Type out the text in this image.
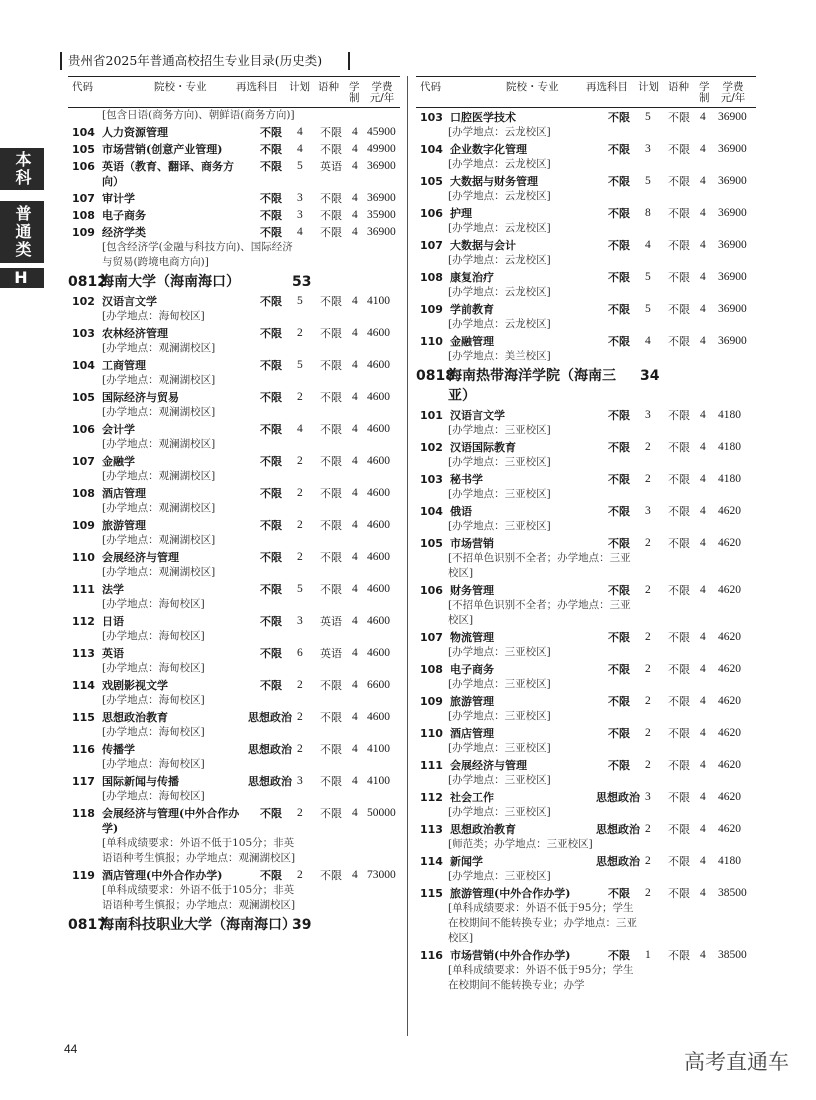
贵州省2025年普通高校招生专业目录(历史类)
本科
普通类
H
代码	院校・专业	再选科目 计划 语种 学制
学费元/年
[包含日语(商务方向)、朝鲜语(商务方向)]
104 人力资源管理	不限 4 不限 4 45900
105 市场营销(创意产业管理)	不限 4 不限 4 49900
106 英语（教育、翻译、商务方向）
不限 5 英语 4 36900
107 审计学	不限 3 不限 4 36900
108 电子商务	不限 3 不限 4 35900
109 经济学类	不限 4 不限 4 36900
[包含经济学(金融与科技方向)、国际经济与贸易(跨境电商方向)]
0812
海南大学（海南海口）	53
102 汉语言文学	不限 5 不限 4 4100
[办学地点：海甸校区]
103 农林经济管理	不限 2 不限 4 4600
[办学地点：观澜湖校区]
104 工商管理	不限 5 不限 4 4600
[办学地点：观澜湖校区]
105 国际经济与贸易	不限 2 不限 4 4600
[办学地点：观澜湖校区]
106 会计学	不限 4 不限 4 4600
[办学地点：观澜湖校区]
107 金融学	不限 2 不限 4 4600
[办学地点：观澜湖校区]
108 酒店管理	不限 2 不限 4 4600
[办学地点：观澜湖校区]
109 旅游管理	不限 2 不限 4 4600
[办学地点：观澜湖校区]
110 会展经济与管理	不限 2 不限 4 4600
[办学地点：观澜湖校区]
111 法学	不限 5 不限 4 4600
[办学地点：海甸校区]
112 日语	不限 3 英语 4 4600
[办学地点：海甸校区]
113 英语	不限 6 英语 4 4600
[办学地点：海甸校区]
114 戏剧影视文学	不限 2 不限 4 6600
[办学地点：海甸校区]
115 思想政治教育	思想政治 2 不限 4 4600
[办学地点：海甸校区]
116 传播学	思想政治 2 不限 4 4100
[办学地点：海甸校区]
117 国际新闻与传播	思想政治 3 不限 4 4100
[办学地点：海甸校区]
118 会展经济与管理(中外合作办学)
不限 2 不限 4 50000
[单科成绩要求：外语不低于105分；非英语语种考生慎报；办学地点：观澜湖校区]
119 酒店管理(中外合作办学)	不限 2 不限 4 73000
[单科成绩要求：外语不低于105分；非英语语种考生慎报；办学地点：观澜湖校区]
0817
海南科技职业大学（海南海口）
39
代码	院校・专业	再选科目 计划 语种 学制
学费元/年
103 口腔医学技术	不限 5 不限 4 36900
[办学地点：云龙校区]
104 企业数字化管理	不限 3 不限 4 36900
[办学地点：云龙校区]
105 大数据与财务管理	不限 5 不限 4 36900
[办学地点：云龙校区]
106 护理	不限 8 不限 4 36900
[办学地点：云龙校区]
107 大数据与会计	不限 4 不限 4 36900
[办学地点：云龙校区]
108 康复治疗	不限 5 不限 4 36900
[办学地点：云龙校区]
109 学前教育	不限 5 不限 4 36900
[办学地点：云龙校区]
110 金融管理	不限 4 不限 4 36900
[办学地点：美兰校区]
0818
海南热带海洋学院（海南三亚）
34
101 汉语言文学	不限 3 不限 4 4180
[办学地点：三亚校区]
102 汉语国际教育	不限 2 不限 4 4180
[办学地点：三亚校区]
103 秘书学	不限 2 不限 4 4180
[办学地点：三亚校区]
104 俄语	不限 3 不限 4 4620
[办学地点：三亚校区]
105 市场营销	不限 2 不限 4 4620
[不招单色识别不全者；办学地点：三亚校区]
106 财务管理	不限 2 不限 4 4620
[不招单色识别不全者；办学地点：三亚校区]
107 物流管理	不限 2 不限 4 4620
[办学地点：三亚校区]
108 电子商务	不限 2 不限 4 4620
[办学地点：三亚校区]
109 旅游管理	不限 2 不限 4 4620
[办学地点：三亚校区]
110 酒店管理	不限 2 不限 4 4620
[办学地点：三亚校区]
111 会展经济与管理	不限 2 不限 4 4620
[办学地点：三亚校区]
112 社会工作	思想政治 3 不限 4 4620
[办学地点：三亚校区]
113 思想政治教育	思想政治 2 不限 4 4620
[师范类；办学地点：三亚校区]
114 新闻学	思想政治 2 不限 4 4180
[办学地点：三亚校区]
115 旅游管理(中外合作办学)	不限 2 不限 4 38500
[单科成绩要求：外语不低于95分；学生在校期间不能转换专业；办学地点：三亚校区]
116 市场营销(中外合作办学)	不限 1 不限 4 38500
[单科成绩要求：外语不低于95分；学生在校期间不能转换专业；办学
44
高考直通车
